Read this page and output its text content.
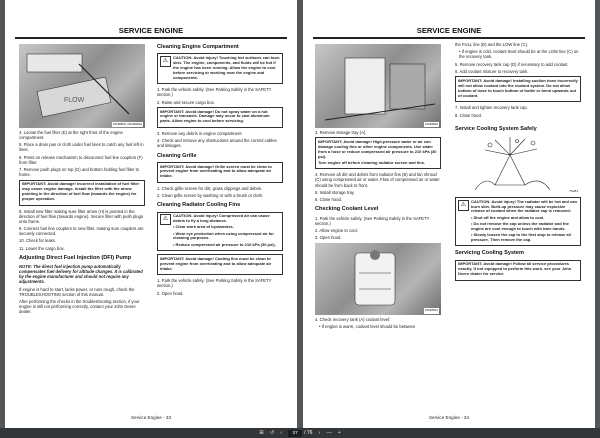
SERVICE ENGINE
FLOW
MX38600, MX39600a

4. Locate the fuel filter (E) at the right front of the engine compartment.

5. Place a drain pan or cloth under fuel lines to catch any fuel left in lines.

6. Press on release mechanism to disconnect fuel line couplers (F) from filter.

7. Remove push plugs on top (G) and bottom holding fuel filter to frame.

IMPORTANT: Avoid damage! Incorrect installation of fuel filter may cause engine damage. Install the filter with the arrow pointing in the direction of fuel flow (towards the engine) for proper operation.

8. Install new filter making sure filter arrow (H) is pointed in the direction of fuel flow (towards engine). Secure filter with push plugs onto frame.

9. Connect fuel line couplers to new filter, making sure couplers are securely connected.

10. Check for leaks.

11. Lower the cargo box.

Adjusting Direct Fuel Injection (DFI) Pump

NOTE: The direct fuel injection pump automatically compensates fuel delivery for altitude changes. It is calibrated by the engine manufacturer and should not require any adjustments.

If engine is hard to start, lacks power, or runs rough, check the TROUBLESHOOTING section of this manual.

After performing the checks in the troubleshooting section, if your engine is still not performing correctly, contact your John Deere dealer.

Cleaning Engine Compartment
⚠

CAUTION: Avoid injury! Touching hot surfaces can burn skin. The engine, components, and fluids will be hot if the engine has been running. Allow the engine to cool before servicing or working near the engine and components.

1. Park the vehicle safely. (See Parking Safely in the SAFETY section.)

2. Raise and secure cargo box.

IMPORTANT: Avoid damage! Do not spray water on a hot engine or transaxle. Damage may occur to cast aluminum parts. Allow engine to cool before servicing.

3. Remove any debris in engine compartment.

4. Check and remove any obstructions around the control cables and linkages.

Cleaning Grille

IMPORTANT: Avoid damage! Grille screen must be clean to prevent engine from overheating and to allow adequate air intake.

1. Check grille screen for dirt, grass clippings and debris.

2. Clean grille screen by washing or with a brush or cloth.

Cleaning Radiator Cooling Fins
⚠

CAUTION: Avoid injury! Compressed air can cause debris to fly a long distance.

• Clear work area of bystanders.

• Wear eye protection when using compressed air for cleaning purposes.

• Reduce compressed air pressure to 210 kPa (30 psi).

IMPORTANT: Avoid damage! Cooling fins must be clean to prevent engine from overheating and to allow adequate air intake.

1. Park the vehicle safely. (See Parking Safely in the SAFETY section.)

2. Open hood.

Service Engine - 33
SERVICE ENGINE
MX38600

3. Remove storage tray (A).

IMPORTANT: Avoid damage! High-pressure water or air can damage cooling fins or other engine components. Use water from a hose or reduce compressed air pressure to 210 kPa (30 psi).

Turn engine off before cleaning radiator screen and fins.

4. Remove all dirt and debris from radiator fins (B) and fan shroud (C) using compressed air or water. Flow of compressed air or water should be from back to front.

5. Install storage tray.

6. Close hood.

Checking Coolant Level

1. Park the vehicle safely. (See Parking Safely in the SAFETY section.)

2. Allow engine to cool.

3. Open hood.

MX38601

4. Check recovery tank (A) coolant level:

• If engine is warm, coolant level should be between

the FULL line (B) and the LOW line (C).

• If engine is cold, coolant level should be at the LOW line (C) on the recovery tank.

5. Remove recovery tank cap (D) if necessary to add coolant.

6. Add coolant mixture to recovery tank.

IMPORTANT: Avoid damage! Installing suction hose incorrectly will not allow coolant into the coolant system. Do not allow bottom of hose to touch bottom of bottle or bend upwards out of coolant.

7. Install and tighten recovery tank cap.

8. Close hood.

Service Cooling System Safely
TS281
⚠

CAUTION: Avoid injury! The radiator will be hot and can burn skin. Built-up pressure may cause explosive release of coolant when the radiator cap is removed:

• Shut off the engine and allow to cool.

• Do not remove the cap unless the radiator and the engine are cool enough to touch with bare hands.

• Slowly loosen the cap to the first stop to release all pressure. Then remove the cap.

Servicing Cooling System

IMPORTANT: Avoid damage! Follow all service procedures exactly. If not equipped to perform this work, see your John Deere dealer for service.

Service Engine - 34
⊞ ↺ ‹	37	/ 76 › — +
